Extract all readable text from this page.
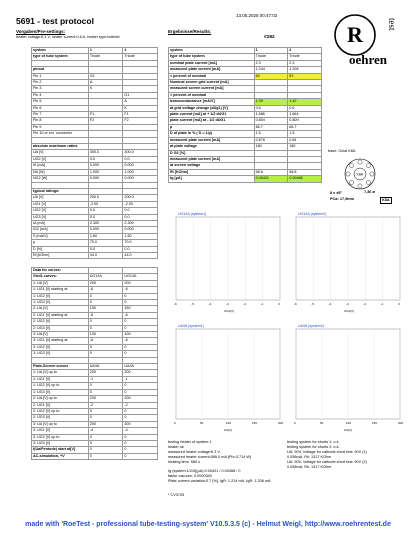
5691 - test protocol
13.05.2025 00:47:02
Vorgaben/Pre-settings:
heater voltage:6.3 V, heater current:0.6 A, heater type:indirekt
Ergebnisse/Results:
#282	R
oehren
test
system	1	2
type of tube system	Triode	Triode

pinout		
Pin 1	G1	
Pin 2	A	
Pin 3	K	
Pin 4		G1
Pin 5		A
Pin 6		K
Pin 7	F1	F1
Pin 8	F2	F2
Pin 9		
Pin 10 or ext. connector		

absolute maximum ratins		
UA [V]	300.0	300.0
UG2 [V]	0.0	0.0
IK [mA]	0.000	0.000
NA [W]	1.000	1.000
NG2 [W]	0.000	0.000

typical ratings:		
UA [V]	200.0	200.0
UG1 [V]	-2.00	-2.00
UG2 [V]	0.0	0.0
UG3 [V]	0.0	0.0
IA [mA]	2.300	2.300
IG2 [mA]	0.000	0.000
S [mA/V]	1.60	1.60
µ	70.0	70.0
D [%]	0.0	0.0
Ri [kOhm]	44.0	44.0
Data for curves:		
Grid1 curves:	UG1/IA	UG1/IA
1: UA [V]	200	200
1: UG1 [V] starting at	-6	-6
1: UG2 [V]	0	0
1: UG3 [V]	0	0
2: UA [V]	150	150
2: UG1 [V] starting at	-6	-6
2: UG2 [V]	0	0
2: UG3 [V]	0	0
3: UA [V]	100	100
3: UG1 [V] starting at	-6	-6
3: UG2 [V]	0	0
3: UG3 [V]	0	0

Plate-Screen curves	UA/IA	UA/IA
1: UA [V] up to	200	200
1: UG1 [V]	-1	-1
1: UG2 [V] up to	0	0
1: UG3 [V]	0	0
2: UA [V] up to	200	200
2: UG1 [V]	-2	-2
2: UG2 [V] up to	0	0
2: UG3 [V]	0	0
3: UA [V] up to	200	200
3: UG1 [V]	-4	-4
3: UG2 [V] up to	0	0
3: UG3 [V]	0	0
f(Ua/Pentode) start at[V]	0	0
AC-simulation, +V	0	0
system	1	2
type of tube system	Triode	Triode
nominal plate current [mA]	2.3	2.3
measured plate current [mA]	1.244	1.206
< percent of nominal	54	52
Nominal screen grid current [mA]		
measured screen current [mA]		
< percent of nominal		
transconductance [mA/V]	1.39	1.42
at grid voltage change (dUg1) [V]	0.6	0.6
plate current [mA] at + 1/2 dUG1	1.686	1.664
plate current [mA] at - 1/2 dUG1	0.854	0.809
µ	66.7	66.7
D of plate in % ( D = 1/µ)	1.5	1.5
measured plate current [mA]	0.878	0.84
at plate voltage	180	180
D G2 [%]		
measured plate current [mA]		
at screen voltage		
Ri [KOhm]	58.8	58.8
tg [µA]	0.00421	0.00468
base: Octal K8A
K8A
8 x ±5°	7,36 ø
PCø: 17,5mm	K8A
UG1/IA (system1)
-6	-5	-4	-3	-2	-1	0
UG1[V]
UG1/IA (system2)
-6	-5	-4	-3	-2	-1	0
UG1[V]
UA/IA (system1)
0	50	100	150	200
UA[V]
UA/IA (system2)
0	50	100	150	200
UA[V]
testing heater of system:1
heater ok
measured heater voltage:6.3 V
measured heater current:589.0 mA (Ph=3.714 W)
heating time: 580 s
Ig (system:1/2/3)(µA):0.00421 / 0.00468 / 0
faktor vacuum: 0.0000340
Plate current variation:0.7 [%], IgR: 1.214 mA, IgR: 1.206 mA
* CV3705
testing system for shorts 1: o.k.
testing system for shorts 2: o.k.
UA: 90V, Voltage for cathode short test: 90V (1)
0.058mA, Rk: 1317 KOhm
UA: 90V, Voltage for cathode short test: 90V (2)
0.058mA, Rk: 1317 KOhm
made with 'RoeTest - professional tube-testing-system' V10.5.3.5 (c) - Helmut Weigl, http://www.roehrentest.de
